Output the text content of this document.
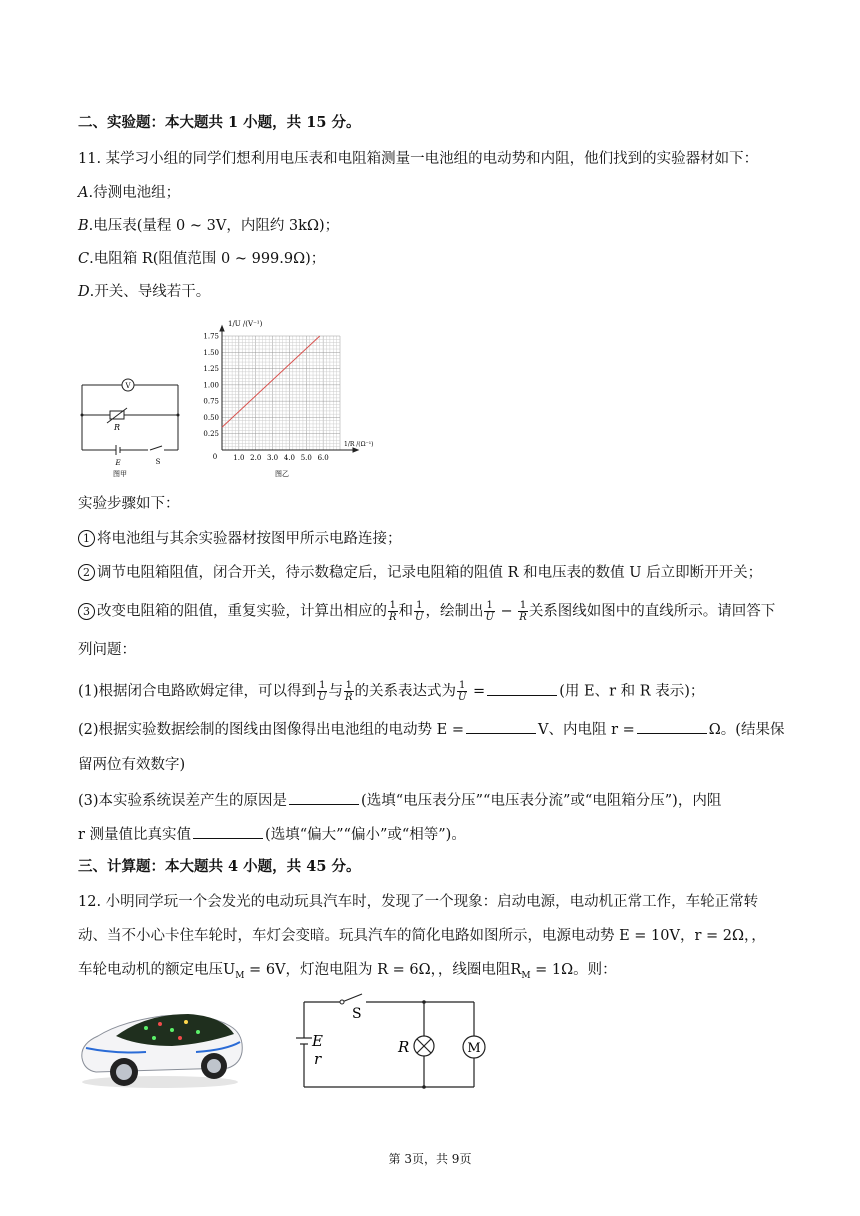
二、实验题：本大题共 1 小题，共 15 分。
11. 某学习小组的同学们想利用电压表和电阻箱测量一电池组的电动势和内阻，他们找到的实验器材如下：
A.待测电池组；
B.电压表(量程 0 ~ 3V，内阻约 3kΩ)；
C.电阻箱 R(阻值范围 0 ~ 999.9Ω)；
D.开关、导线若干。
V
R
E	S
图甲
1.0 2.0 3.0 4.0 5.0 6.0
0.25
0.50
0.75
1.00
1.25
1.50
1.75
1/U /(V⁻¹)
1/R /(Ω⁻¹)
0
图乙
实验步骤如下：
1 将电池组与其余实验器材按图甲所示电路连接；
2 调节电阻箱阻值，闭合开关，待示数稳定后，记录电阻箱的阻值 R 和电压表的数值 U 后立即断开开关；
3 改变电阻箱的阻值，重复实验，计算出相应的 $\frac{1}{R}$ 和 $\frac{1}{U}$ ，绘制出 $\frac{1}{U} - \frac{1}{R}$ 关系图线如图中的直线所示。请回答下
列问题：
(1)根据闭合电路欧姆定律，可以得到 $\frac{1}{U}$ 与 $\frac{1}{R}$ 的关系表达式为 $\frac{1}{U}$ =	(用 E、r 和 R 表示)；
(2)根据实验数据绘制的图线由图像得出电池组的电动势 E =	V、内电阻 r =	Ω。(结果保
留两位有效数字)
(3)本实验系统误差产生的原因是	(选填“电压表分压”“电压表分流”或“电阻箱分压”)，内阻
r 测量值比真实值	(选填“偏大”“偏小”或“相等”)。
三、计算题：本大题共 4 小题，共 45 分。
12. 小明同学玩一个会发光的电动玩具汽车时，发现了一个现象：启动电源，电动机正常工作，车轮正常转
动、当不小心卡住车轮时，车灯会变暗。玩具汽车的简化电路如图所示，电源电动势 E = 10V，r = 2Ω，，
车轮电动机的额定电压$U_M = 6V$，灯泡电阻为 R = 6Ω，，线圈电阻$R_M = 1\Omega$。则：
S
E
r
R	M
第 3页，共 9页
